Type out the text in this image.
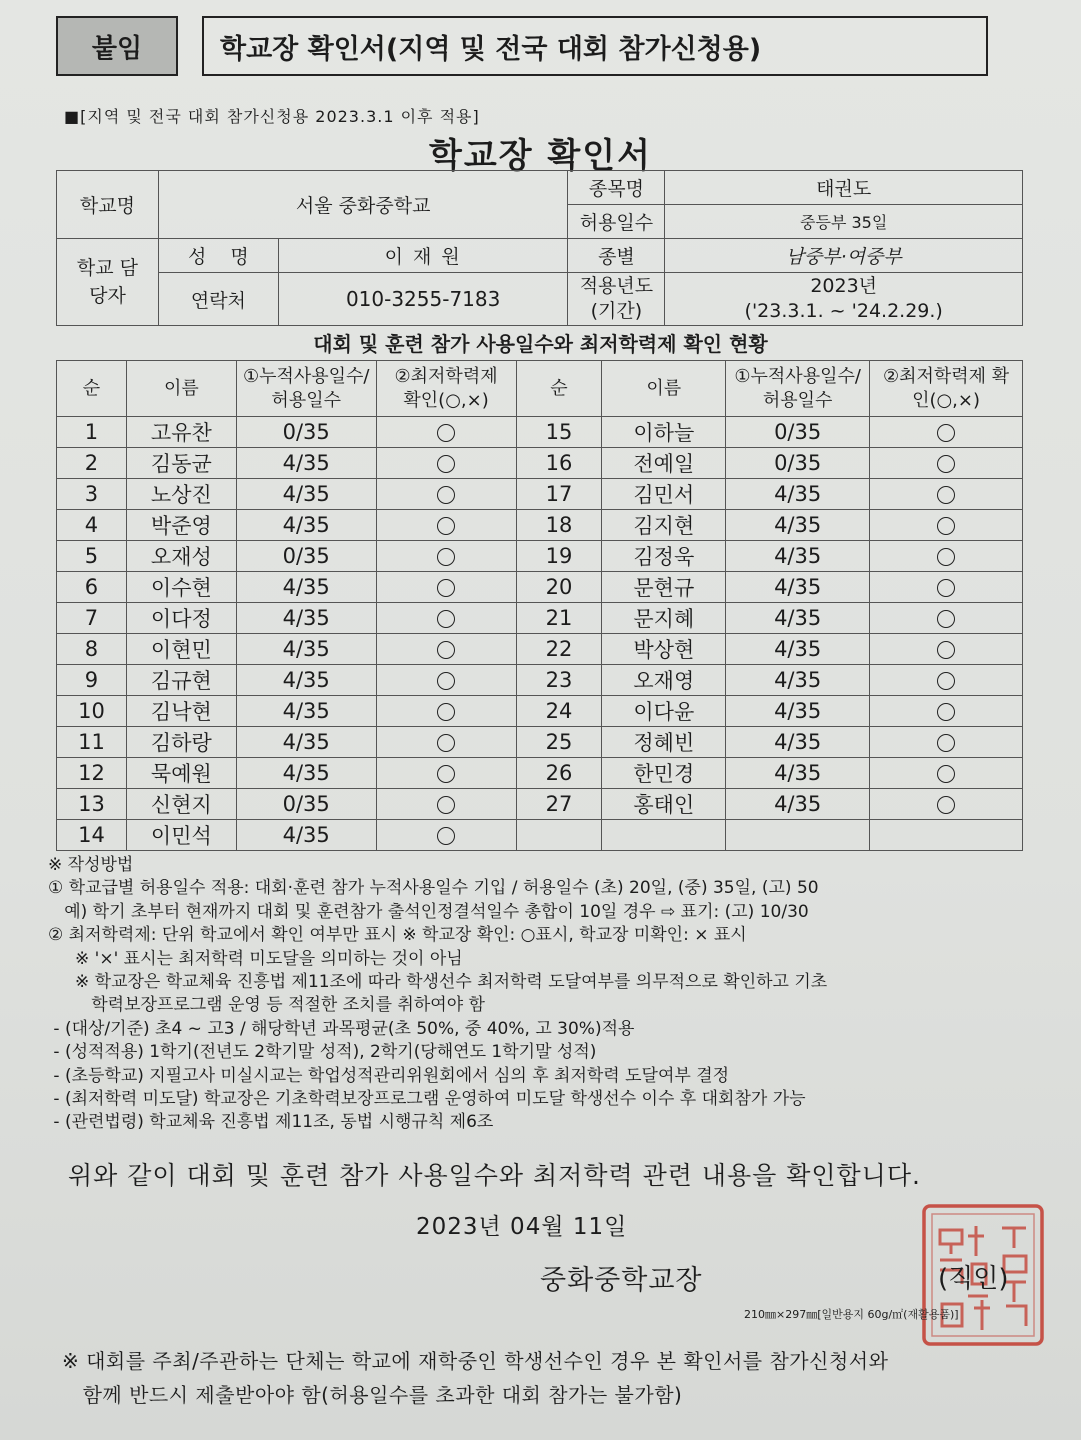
붙임	학교장 확인서(지역 및 전국 대회 참가신청용)
■[지역 및 전국 대회 참가신청용 2023.3.1 이후 적용]
학교장 확인서
학교명	서울 중화중학교		종목명	태권도
			허용일수	중등부 35일
학교 담당자	성 명	이 재 원	종별	남중부·여중부
	연락처	010-3255-7183	적용년도 (기간)	2023년
('23.3.1. ~ '24.2.29.)
대회 및 훈련 참가 사용일수와 최저학력제 확인 현황
순	이름	①누적사용일수/허용일수	②최저학력제 확인(○,×)	순	이름	①누적사용일수/ 허용일수	②최저학력제 확인(○,×)
1	고유찬	0/35		15	이하늘	0/35	
2	김동균	4/35		16	전예일	0/35	
3	노상진	4/35		17	김민서	4/35	
4	박준영	4/35		18	김지현	4/35	
5	오재성	0/35		19	김정욱	4/35	
6	이수현	4/35		20	문현규	4/35	
7	이다정	4/35		21	문지혜	4/35	
8	이현민	4/35		22	박상현	4/35	
9	김규현	4/35		23	오재영	4/35	
10	김낙현	4/35		24	이다윤	4/35	
11	김하랑	4/35		25	정혜빈	4/35	
12	묵예원	4/35		26	한민경	4/35	
13	신현지	0/35		27	홍태인	4/35	
14	이민석	4/35					
※ 작성방법
① 학교급별 허용일수 적용: 대회·훈련 참가 누적사용일수 기입 / 허용일수 (초) 20일, (중) 35일, (고) 50
예) 학기 초부터 현재까지 대회 및 훈련참가 출석인정결석일수 총합이 10일 경우 ⇨ 표기: (고) 10/30
② 최저학력제: 단위 학교에서 확인 여부만 표시 ※ 학교장 확인: ○표시, 학교장 미확인: × 표시
※ '×' 표시는 최저학력 미도달을 의미하는 것이 아님
※ 학교장은 학교체육 진흥법 제11조에 따라 학생선수 최저학력 도달여부를 의무적으로 확인하고 기초
학력보장프로그램 운영 등 적절한 조치를 취하여야 함
- (대상/기준) 초4 ~ 고3 / 해당학년 과목평균(초 50%, 중 40%, 고 30%)적용
- (성적적용) 1학기(전년도 2학기말 성적), 2학기(당해연도 1학기말 성적)
- (초등학교) 지필고사 미실시교는 학업성적관리위원회에서 심의 후 최저학력 도달여부 결정
- (최저학력 미도달) 학교장은 기초학력보장프로그램 운영하여 미도달 학생선수 이수 후 대회참가 가능
- (관련법령) 학교체육 진흥법 제11조, 동법 시행규칙 제6조
위와 같이 대회 및 훈련 참가 사용일수와 최저학력 관련 내용을 확인합니다.
2023년 04월 11일
중화중학교장	(직인)
210㎜×297㎜[일반용지 60g/㎡(재활용품)]
※ 대회를 주최/주관하는 단체는 학교에 재학중인 학생선수인 경우 본 확인서를 참가신청서와
함께 반드시 제출받아야 함(허용일수를 초과한 대회 참가는 불가함)
